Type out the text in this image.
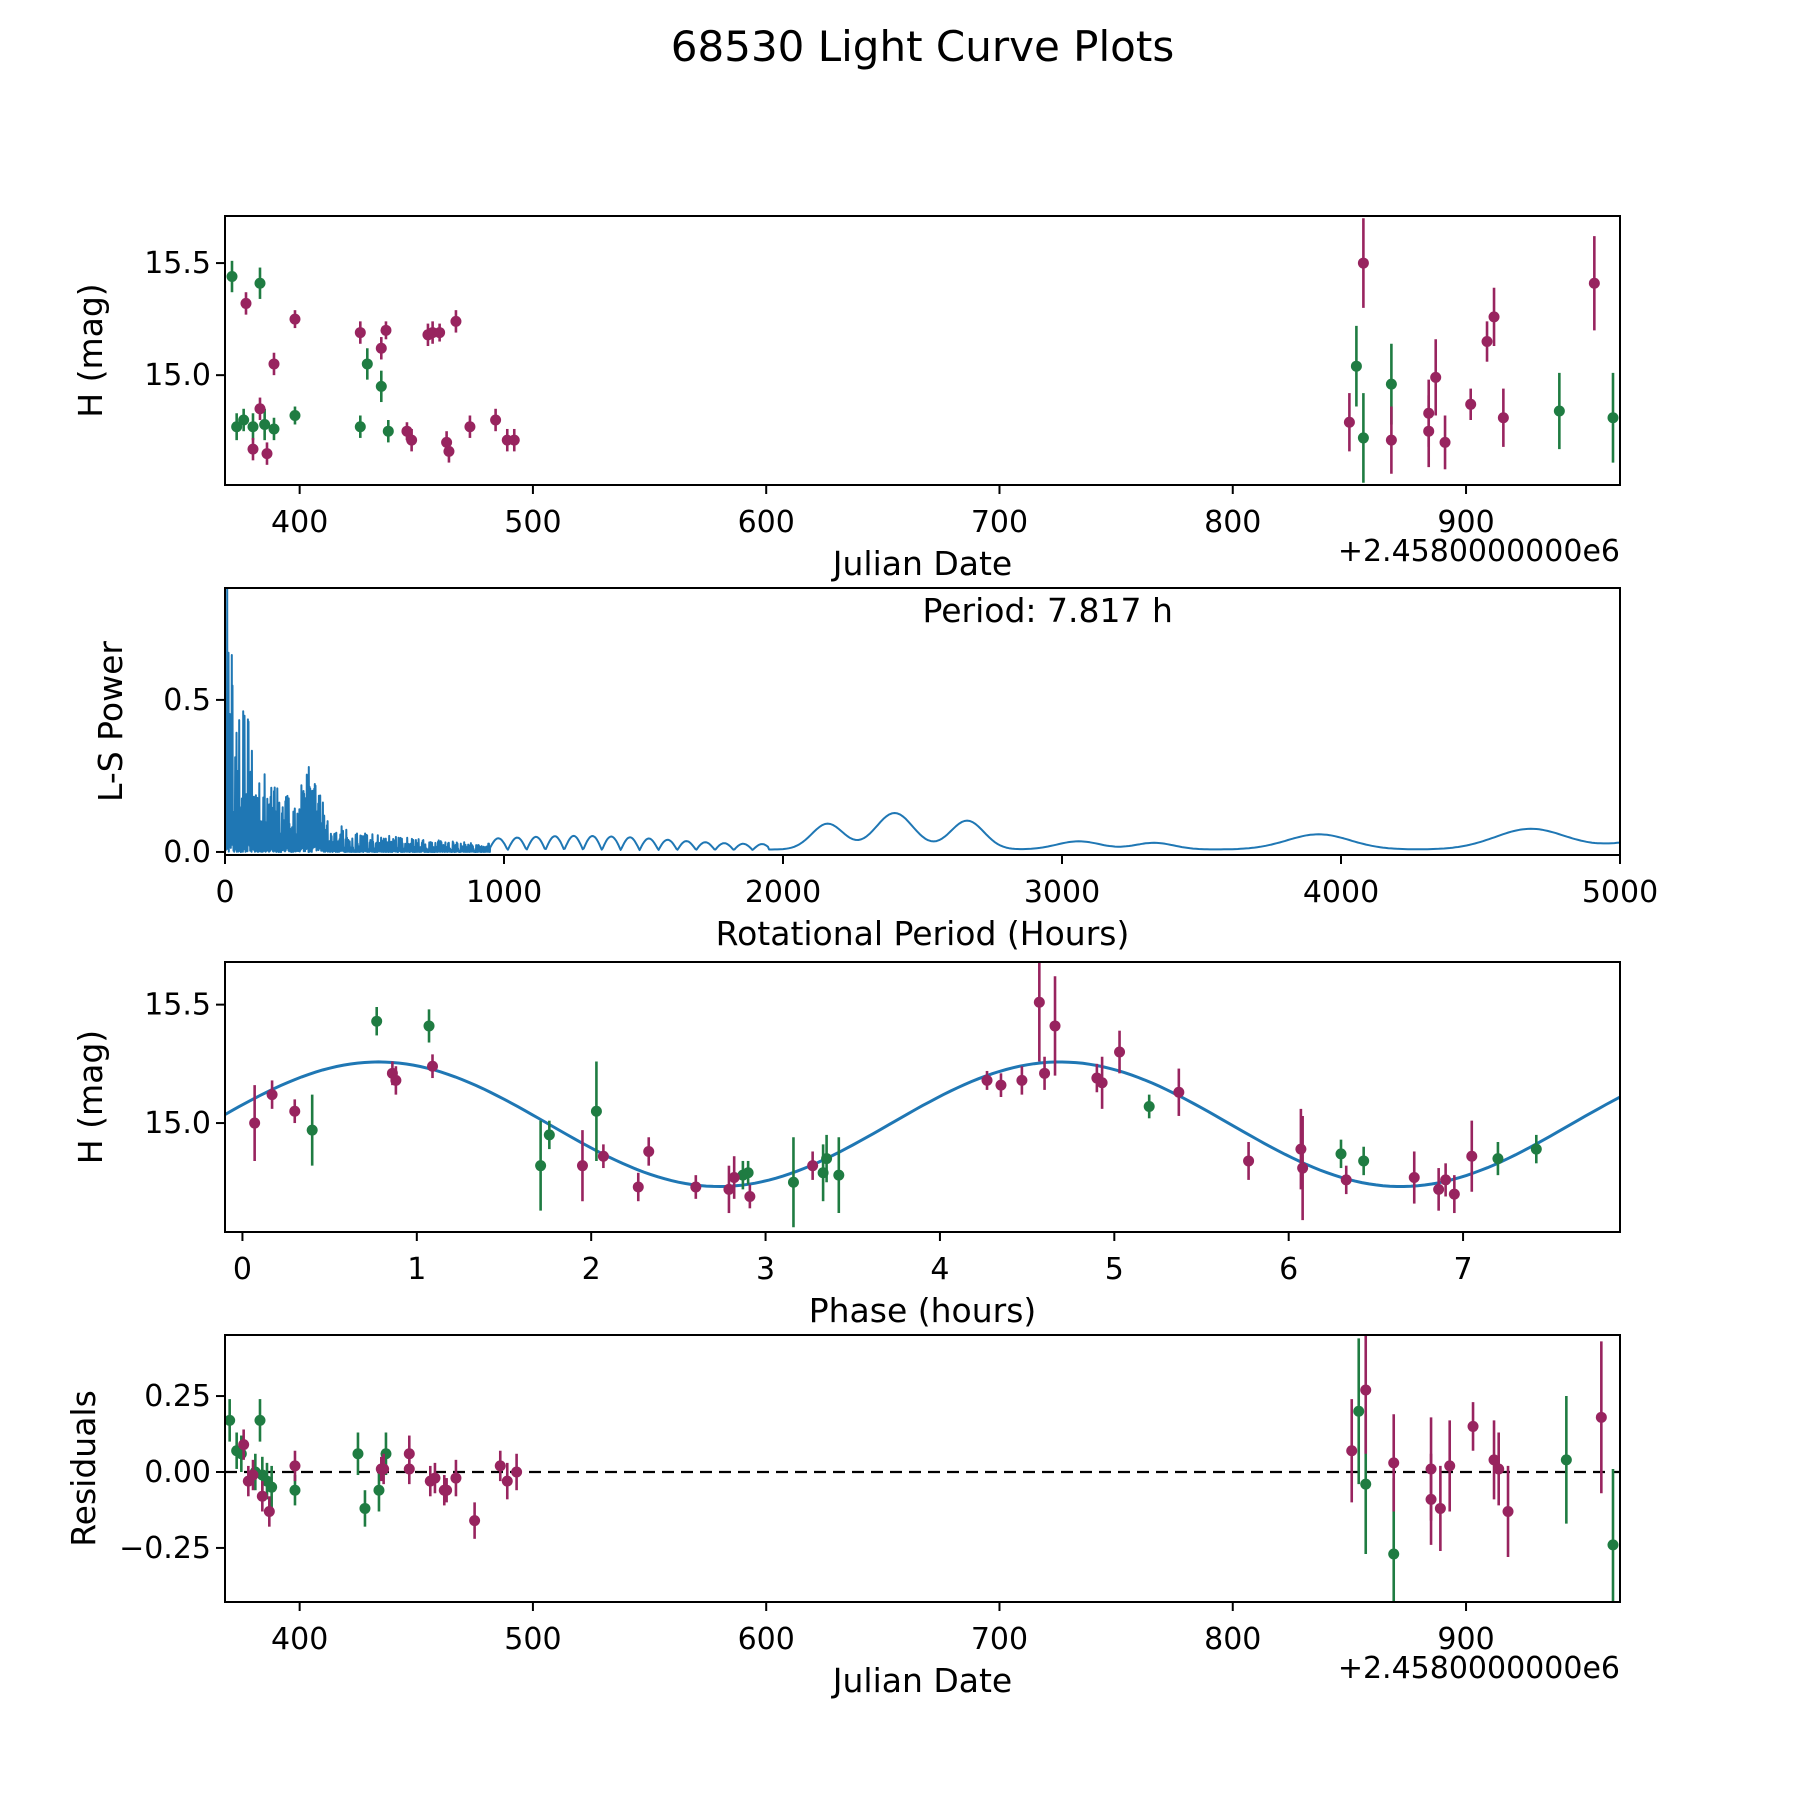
68530 Light Curve Plots
400	500	600	700	800	900
15.0
15.5
Julian Date
H (mag)
+2.4580000000e6
0	1000	2000	3000	4000	5000
0.0
0.5
Rotational Period (Hours)
L-S Power
Period: 7.817 h
0	1	2	3	4	5	6	7
15.0
15.5
Phase (hours)
H (mag)
400	500	600	700	800	900
−0.25
0.00
0.25
Julian Date
Residuals
+2.4580000000e6
